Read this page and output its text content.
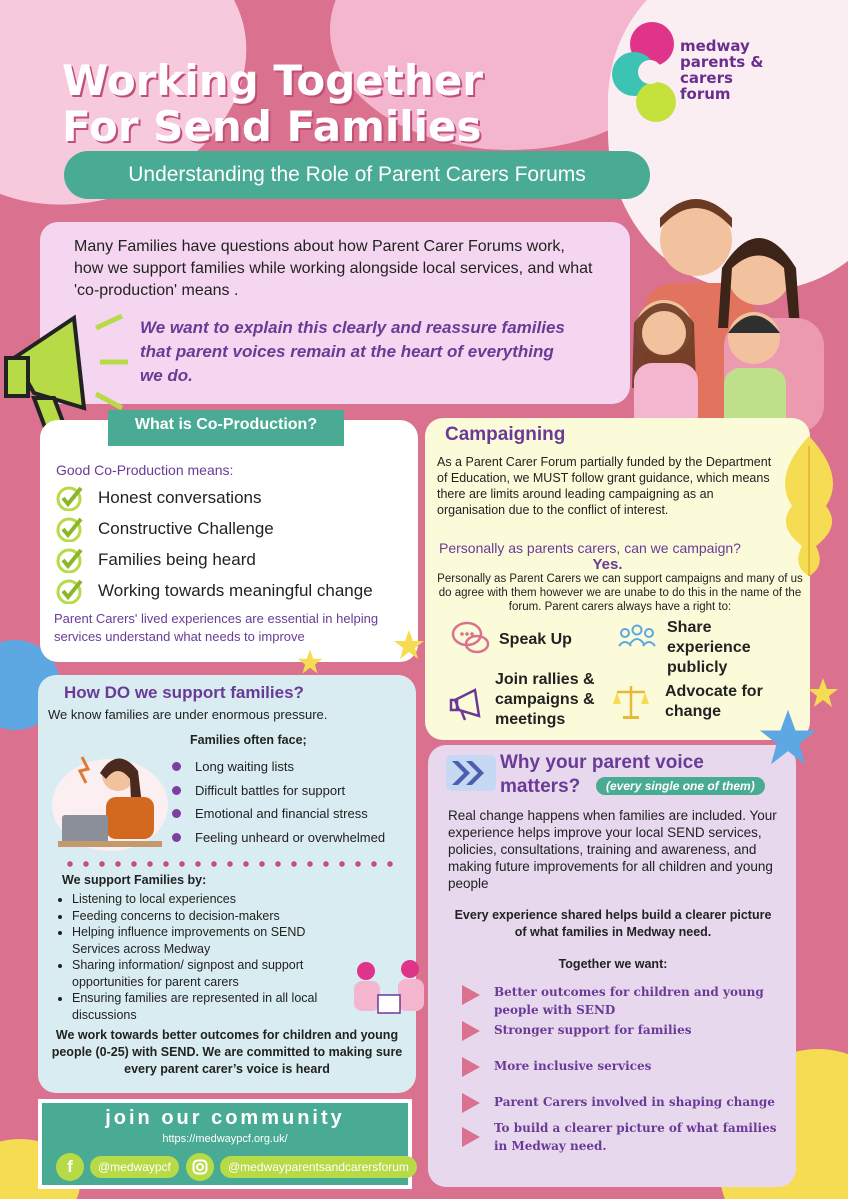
Working Together
For Send Families
medway
parents & carers
forum
Understanding the Role of Parent Carers Forums

Many Families have questions about how Parent Carer Forums work, how we support families while working alongside local services, and what 'co-production' means .

We want to explain this clearly and reassure families that parent voices remain at the heart of everything we do.

Good Co-Production means:
Honest conversations
Constructive Challenge
Families being heard
Working towards meaningful change

Parent Carers' lived experiences are essential in helping services understand what needs to improve

What is Co-Production?	Campaigning

As a Parent Carer Forum partially funded by the Department of Education, we MUST follow grant guidance, which means there are limits around leading campaigning as an organisation due to the conflict of interest.

Personally as parents carers, can we campaign?
Yes.

Personally as Parent Carers we can support campaigns and many of us do agree with them however we are unabe to do this in the name of the forum. Parent carers always have a right to:

Speak Up
Share experience publicly
Join rallies & campaigns & meetings
Advocate for change
How DO we support families?
We know families are under enormous pressure.
Families often face;
Long waiting lists
Difficult battles for support
Emotional and financial stress
Feeling unheard or overwhelmed
We support Families by:
• Listening to local experiences
• Feeding concerns to decision-makers
• Helping influence improvements on SEND Services across Medway
• Sharing information/ signpost and support opportunities for parent carers
• Ensuring families are represented in all local discussions

We work towards better outcomes for children and young people (0-25) with SEND. We are committed to making sure every parent carer’s voice is heard

Why your parent voice
matters?	(every single one of them)

Real change happens when families are included. Your experience helps improve your local SEND services, policies, consultations, training and awareness, and making future improvements for all children and young people

Every experience shared helps build a clearer picture of what families in Medway need.

Together we want:
Better outcomes for children and young people with SEND
Stronger support for families
More inclusive services
Parent Carers involved in shaping change
To build a clearer picture of what families in Medway need.
join our community
https://medwaypcf.org.uk/
f	@medwaypcf	@medwayparentsandcarersforum
